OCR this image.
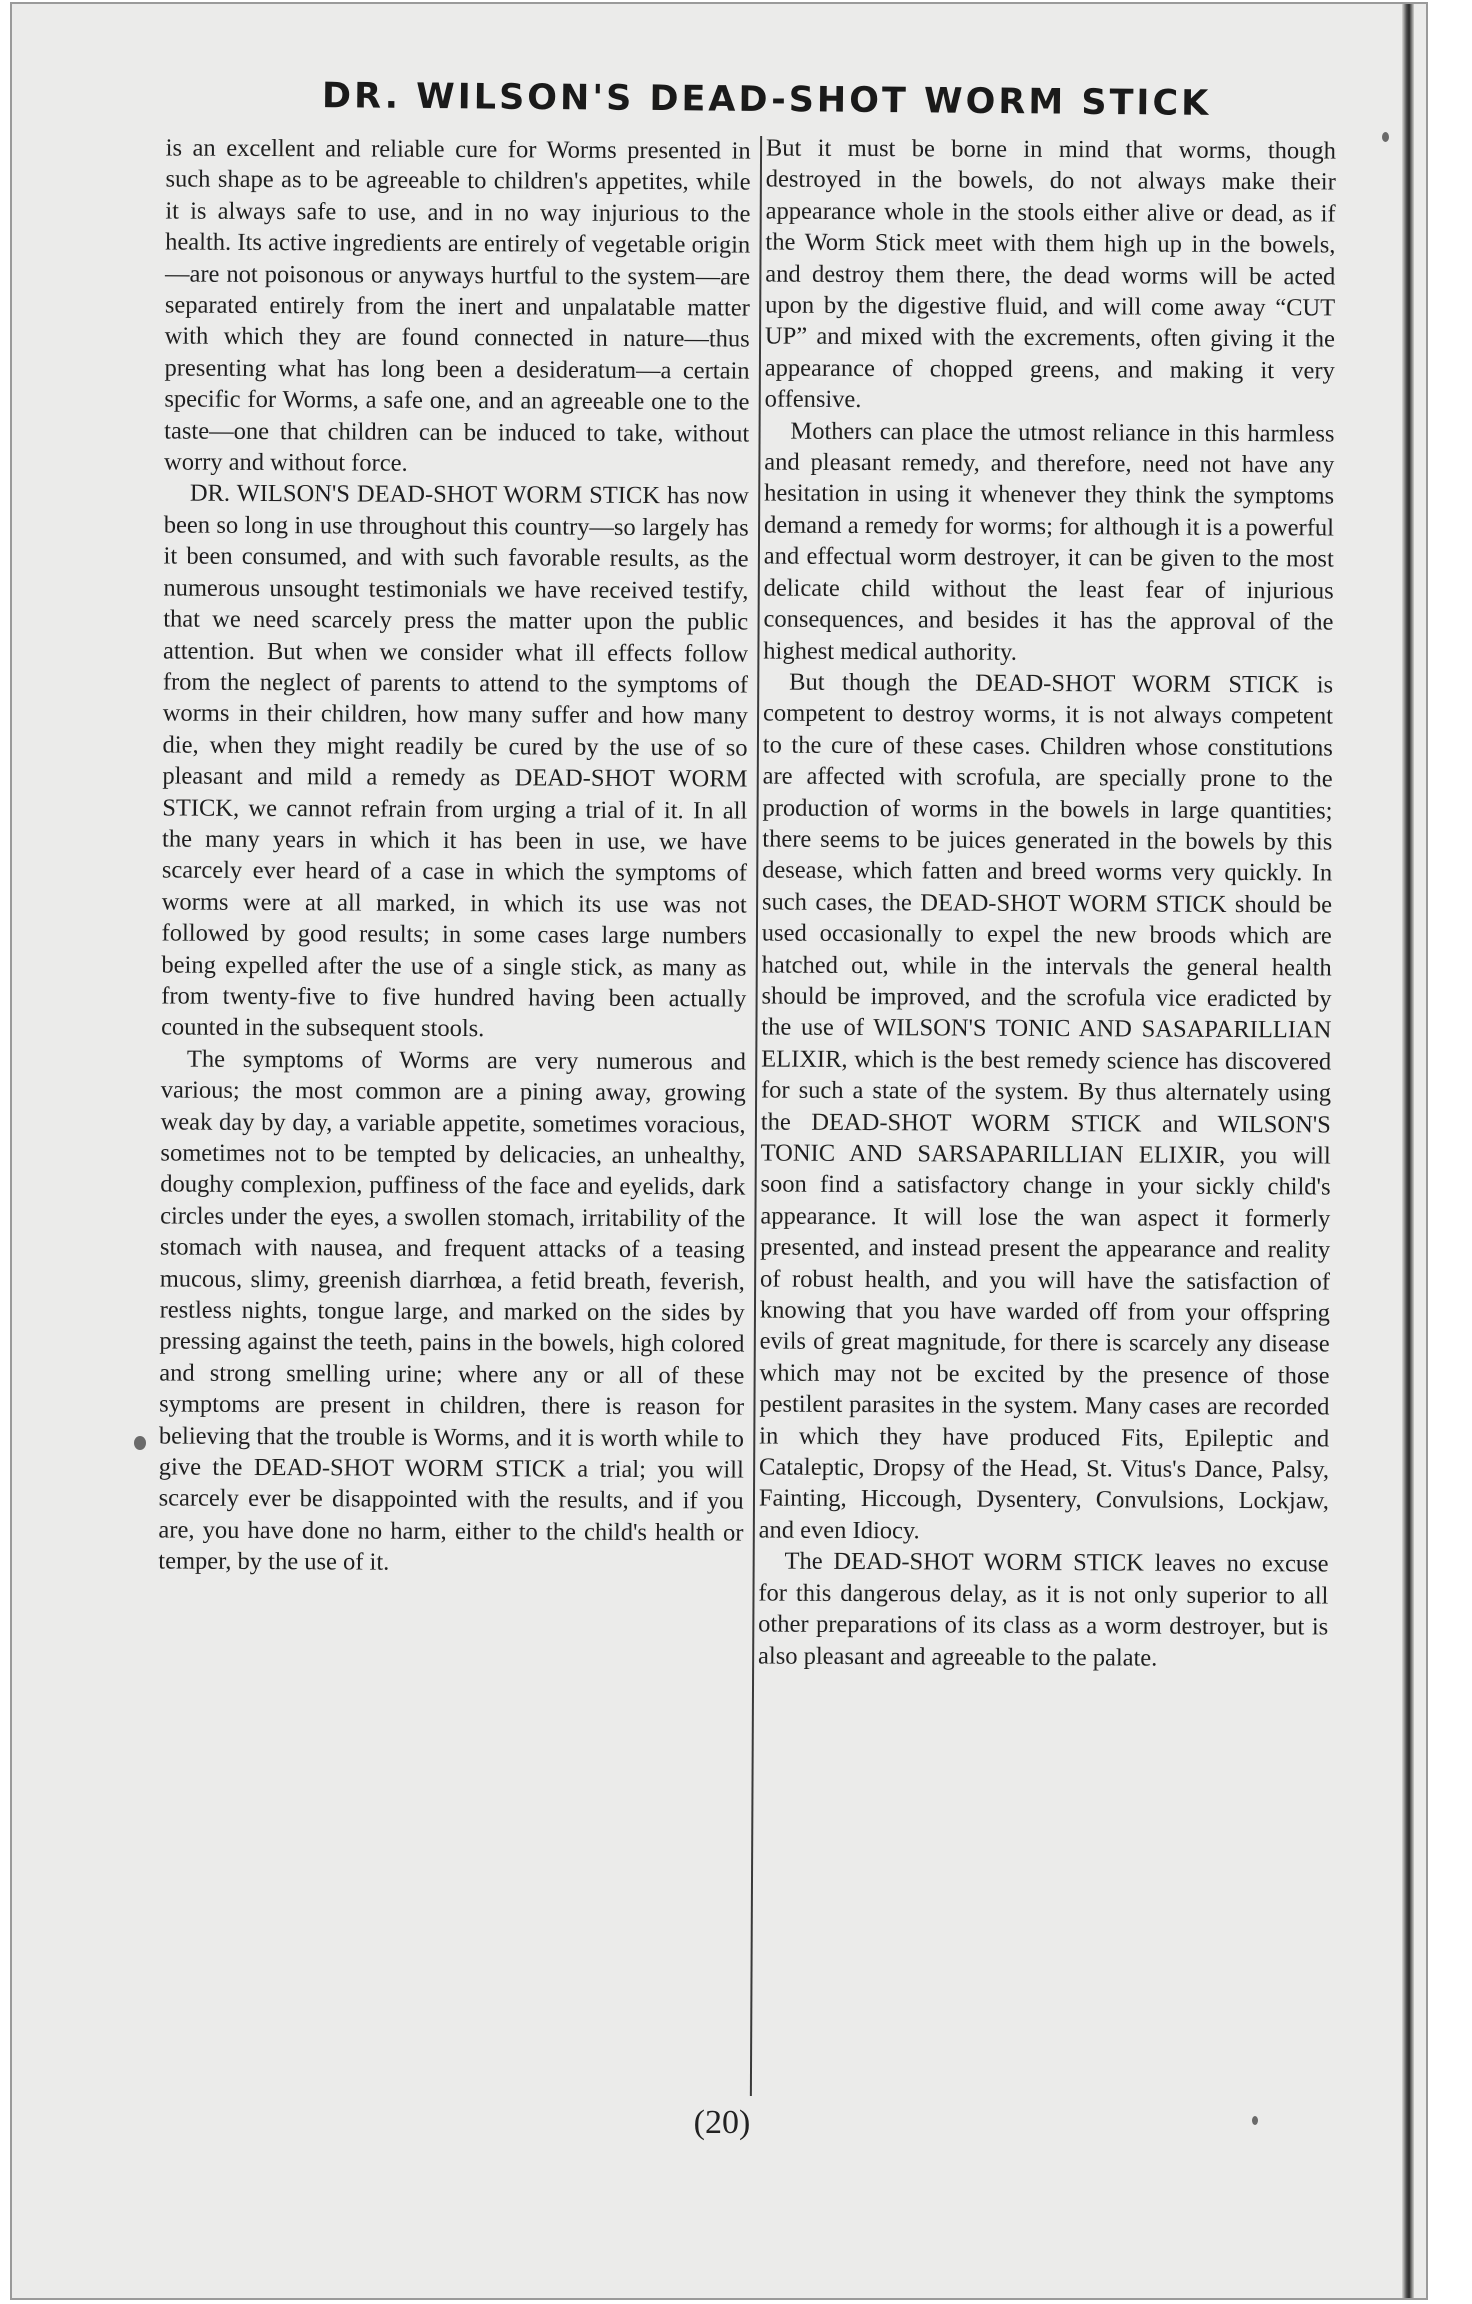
DR. WILSON'S DEAD-SHOT WORM STICK

is an excellent and reliable cure for Worms presented in such shape as to be agreeable to children's appetites, while it is always safe to use, and in no way injurious to the health. Its active ingredients are entirely of vegetable origin—are not poisonous or anyways hurtful to the system—are separated entirely from the inert and unpalatable matter with which they are found connected in nature—thus presenting what has long been a desideratum—a certain specific for Worms, a safe one, and an agreeable one to the taste—one that children can be induced to take, without worry and without force.

DR. WILSON'S DEAD-SHOT WORM STICK has now been so long in use throughout this country—so largely has it been consumed, and with such favorable results, as the numerous unsought testimonials we have received testify, that we need scarcely press the matter upon the public attention. But when we consider what ill effects follow from the neglect of parents to attend to the symptoms of worms in their children, how many suffer and how many die, when they might readily be cured by the use of so pleasant and mild a remedy as DEAD-SHOT WORM STICK, we cannot refrain from urging a trial of it. In all the many years in which it has been in use, we have scarcely ever heard of a case in which the symptoms of worms were at all marked, in which its use was not followed by good results; in some cases large numbers being expelled after the use of a single stick, as many as from twenty-five to five hundred having been actually counted in the subsequent stools.

The symptoms of Worms are very numerous and various; the most common are a pining away, growing weak day by day, a variable appetite, sometimes voracious, sometimes not to be tempted by delicacies, an unhealthy, doughy complexion, puffiness of the face and eyelids, dark circles under the eyes, a swollen stomach, irritability of the stomach with nausea, and frequent attacks of a teasing mucous, slimy, greenish diarrhœa, a fetid breath, feverish, restless nights, tongue large, and marked on the sides by pressing against the teeth, pains in the bowels, high colored and strong smelling urine; where any or all of these symptoms are present in children, there is reason for believing that the trouble is Worms, and it is worth while to give the DEAD-SHOT WORM STICK a trial; you will scarcely ever be disappointed with the results, and if you are, you have done no harm, either to the child's health or temper, by the use of it.

But it must be borne in mind that worms, though destroyed in the bowels, do not always make their appearance whole in the stools either alive or dead, as if the Worm Stick meet with them high up in the bowels, and destroy them there, the dead worms will be acted upon by the digestive fluid, and will come away “CUT UP” and mixed with the excrements, often giving it the appearance of chopped greens, and making it very offensive.

Mothers can place the utmost reliance in this harmless and pleasant remedy, and therefore, need not have any hesitation in using it whenever they think the symptoms demand a remedy for worms; for although it is a powerful and effectual worm destroyer, it can be given to the most delicate child without the least fear of injurious consequences, and besides it has the approval of the highest medical authority.

But though the DEAD-SHOT WORM STICK is competent to destroy worms, it is not always competent to the cure of these cases. Children whose constitutions are affected with scrofula, are specially prone to the production of worms in the bowels in large quantities; there seems to be juices generated in the bowels by this desease, which fatten and breed worms very quickly. In such cases, the DEAD-SHOT WORM STICK should be used occasionally to expel the new broods which are hatched out, while in the intervals the general health should be improved, and the scrofula vice eradicted by the use of WILSON'S TONIC AND SASAPARILLIAN ELIXIR, which is the best remedy science has discovered for such a state of the system. By thus alternately using the DEAD-SHOT WORM STICK and WILSON'S TONIC AND SARSAPARILLIAN ELIXIR, you will soon find a satisfactory change in your sickly child's appearance. It will lose the wan aspect it formerly presented, and instead present the appearance and reality of robust health, and you will have the satisfaction of knowing that you have warded off from your offspring evils of great magnitude, for there is scarcely any disease which may not be excited by the presence of those pestilent parasites in the system. Many cases are recorded in which they have produced Fits, Epileptic and Cataleptic, Dropsy of the Head, St. Vitus's Dance, Palsy, Fainting, Hiccough, Dysentery, Convulsions, Lockjaw, and even Idiocy.

The DEAD-SHOT WORM STICK leaves no excuse for this dangerous delay, as it is not only superior to all other preparations of its class as a worm destroyer, but is also pleasant and agreeable to the palate.

(20)
